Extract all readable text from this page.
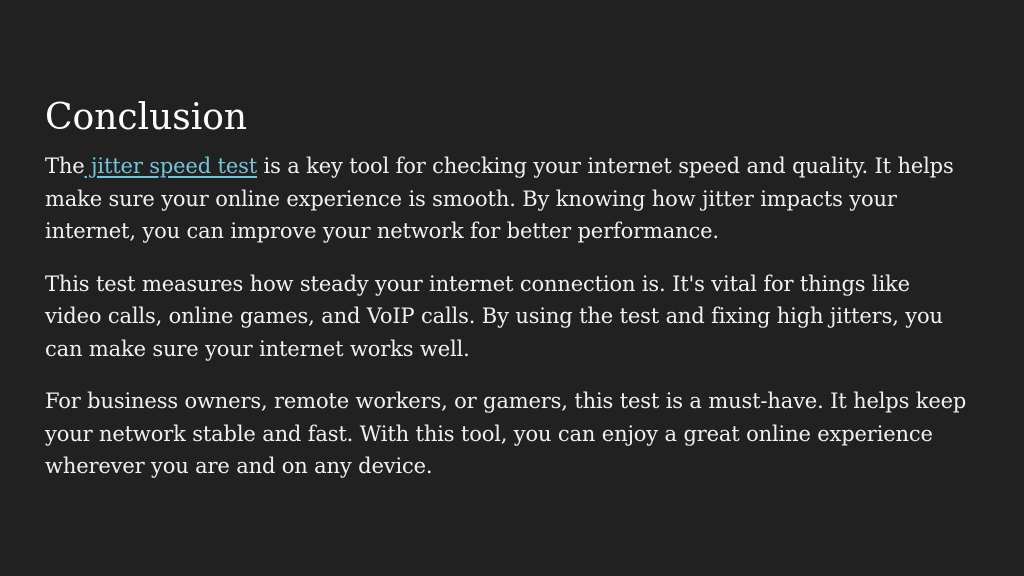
Conclusion

The jitter speed test is a key tool for checking your internet speed and quality. It helps make sure your online experience is smooth. By knowing how jitter impacts your internet, you can improve your network for better performance.

This test measures how steady your internet connection is. It's vital for things like video calls, online games, and VoIP calls. By using the test and fixing high jitters, you can make sure your internet works well.

For business owners, remote workers, or gamers, this test is a must-have. It helps keep your network stable and fast. With this tool, you can enjoy a great online experience wherever you are and on any device.
